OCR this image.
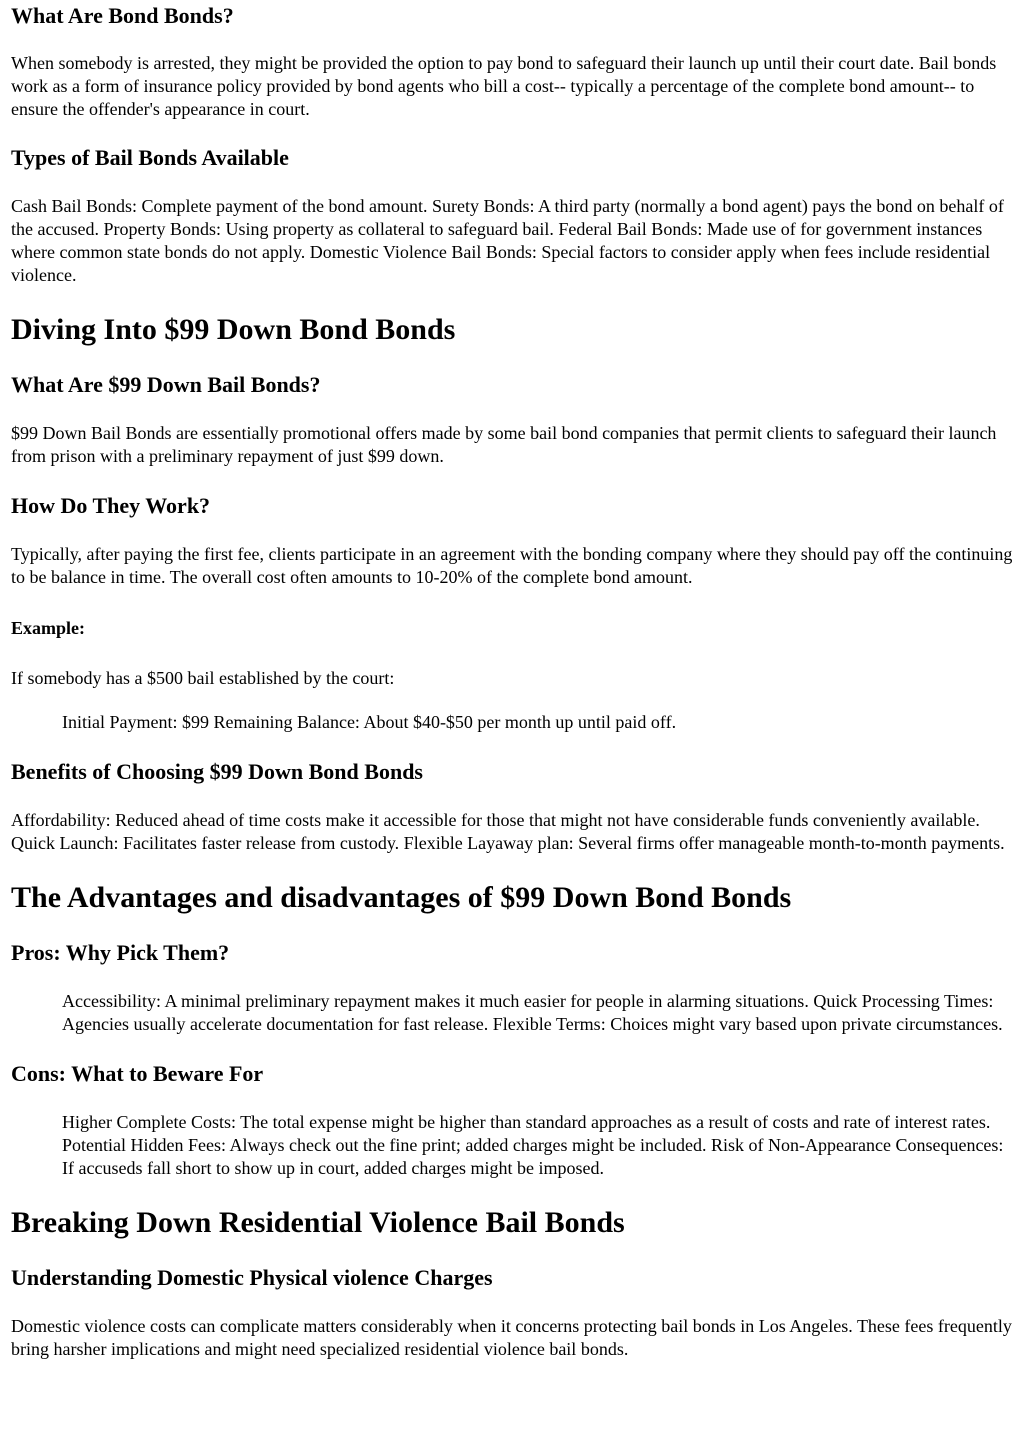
What Are Bond Bonds?

When somebody is arrested, they might be provided the option to pay bond to safeguard their launch up until their court date. Bail bonds work as a form of insurance policy provided by bond agents who bill a cost-- typically a percentage of the complete bond amount-- to ensure the offender's appearance in court.

Types of Bail Bonds Available

Cash Bail Bonds: Complete payment of the bond amount. Surety Bonds: A third party (normally a bond agent) pays the bond on behalf of the accused. Property Bonds: Using property as collateral to safeguard bail. Federal Bail Bonds: Made use of for government instances where common state bonds do not apply. Domestic Violence Bail Bonds: Special factors to consider apply when fees include residential violence.

Diving Into $99 Down Bond Bonds
What Are $99 Down Bail Bonds?

$99 Down Bail Bonds are essentially promotional offers made by some bail bond companies that permit clients to safeguard their launch from prison with a preliminary repayment of just $99 down.

How Do They Work?

Typically, after paying the first fee, clients participate in an agreement with the bonding company where they should pay off the continuing to be balance in time. The overall cost often amounts to 10-20% of the complete bond amount.

Example:

If somebody has a $500 bail established by the court:

Initial Payment: $99 Remaining Balance: About $40-$50 per month up until paid off.

Benefits of Choosing $99 Down Bond Bonds

Affordability: Reduced ahead of time costs make it accessible for those that might not have considerable funds conveniently available. Quick Launch: Facilitates faster release from custody. Flexible Layaway plan: Several firms offer manageable month-to-month payments.

The Advantages and disadvantages of $99 Down Bond Bonds
Pros: Why Pick Them?

Accessibility: A minimal preliminary repayment makes it much easier for people in alarming situations. Quick Processing Times: Agencies usually accelerate documentation for fast release. Flexible Terms: Choices might vary based upon private circumstances.

Cons: What to Beware For

Higher Complete Costs: The total expense might be higher than standard approaches as a result of costs and rate of interest rates. Potential Hidden Fees: Always check out the fine print; added charges might be included. Risk of Non-Appearance Consequences: If accuseds fall short to show up in court, added charges might be imposed.

Breaking Down Residential Violence Bail Bonds
Understanding Domestic Physical violence Charges

Domestic violence costs can complicate matters considerably when it concerns protecting bail bonds in Los Angeles. These fees frequently bring harsher implications and might need specialized residential violence bail bonds.
